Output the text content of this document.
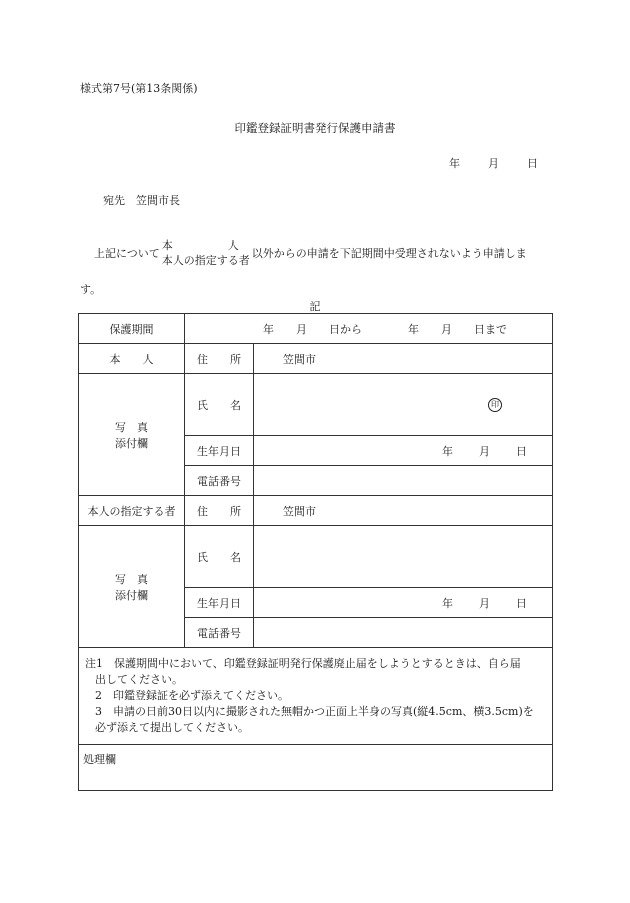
様式第7号(第13条関係)
印鑑登録証明書発行保護申請書
年	月	日
宛先　笠間市長
上記について
本　　　　　人
本人の指定する者
以外からの申請を下記期間中受理されないよう申請しま
す。
記
保護期間	年 月 日から 年 月 日まで	

本　　人	住　　所	笠間市

写　真
添付欄	氏　　名	印
	生年月日	年 月 日
	電話番号	
本人の指定する者	住　　所	笠間市

写　真
添付欄	氏　　名	
	生年月日	年 月 日
	電話番号	

注1　保護期間中において、印鑑登録証明発行保護廃止届をしようとするときは、自ら届
出してください。
2　印鑑登録証を必ず添えてください。
3　申請の日前30日以内に撮影された無帽かつ正面上半身の写真(縦4.5cm、横3.5cm)を
必ず添えて提出してください。		

処理欄		
